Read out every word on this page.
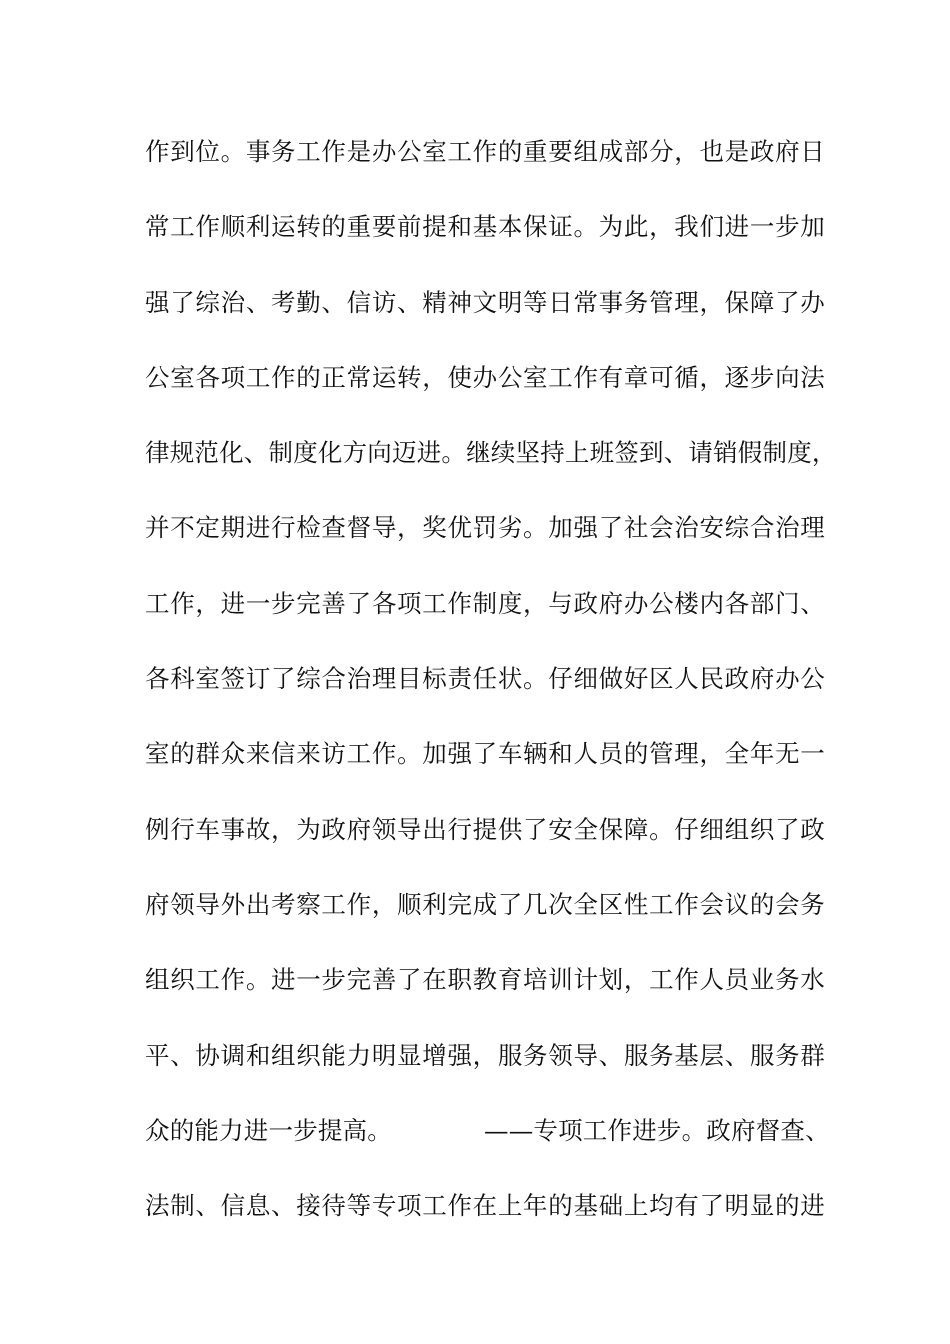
作到位。事务工作是办公室工作的重要组成部分，也是政府日
常工作顺利运转的重要前提和基本保证。为此，我们进一步加
强了综治、考勤、信访、精神文明等日常事务管理，保障了办
公室各项工作的正常运转，使办公室工作有章可循，逐步向法
律规范化、制度化方向迈进。继续坚持上班签到、请销假制度，
并不定期进行检查督导，奖优罚劣。加强了社会治安综合治理
工作，进一步完善了各项工作制度，与政府办公楼内各部门、
各科室签订了综合治理目标责任状。仔细做好区人民政府办公
室的群众来信来访工作。加强了车辆和人员的管理，全年无一
例行车事故，为政府领导出行提供了安全保障。仔细组织了政
府领导外出考察工作，顺利完成了几次全区性工作会议的会务
组织工作。进一步完善了在职教育培训计划，工作人员业务水
平、协调和组织能力明显增强，服务领导、服务基层、服务群
众的能力进一步提高。	——专项工作进步。政府督查、
法制、信息、接待等专项工作在上年的基础上均有了明显的进
